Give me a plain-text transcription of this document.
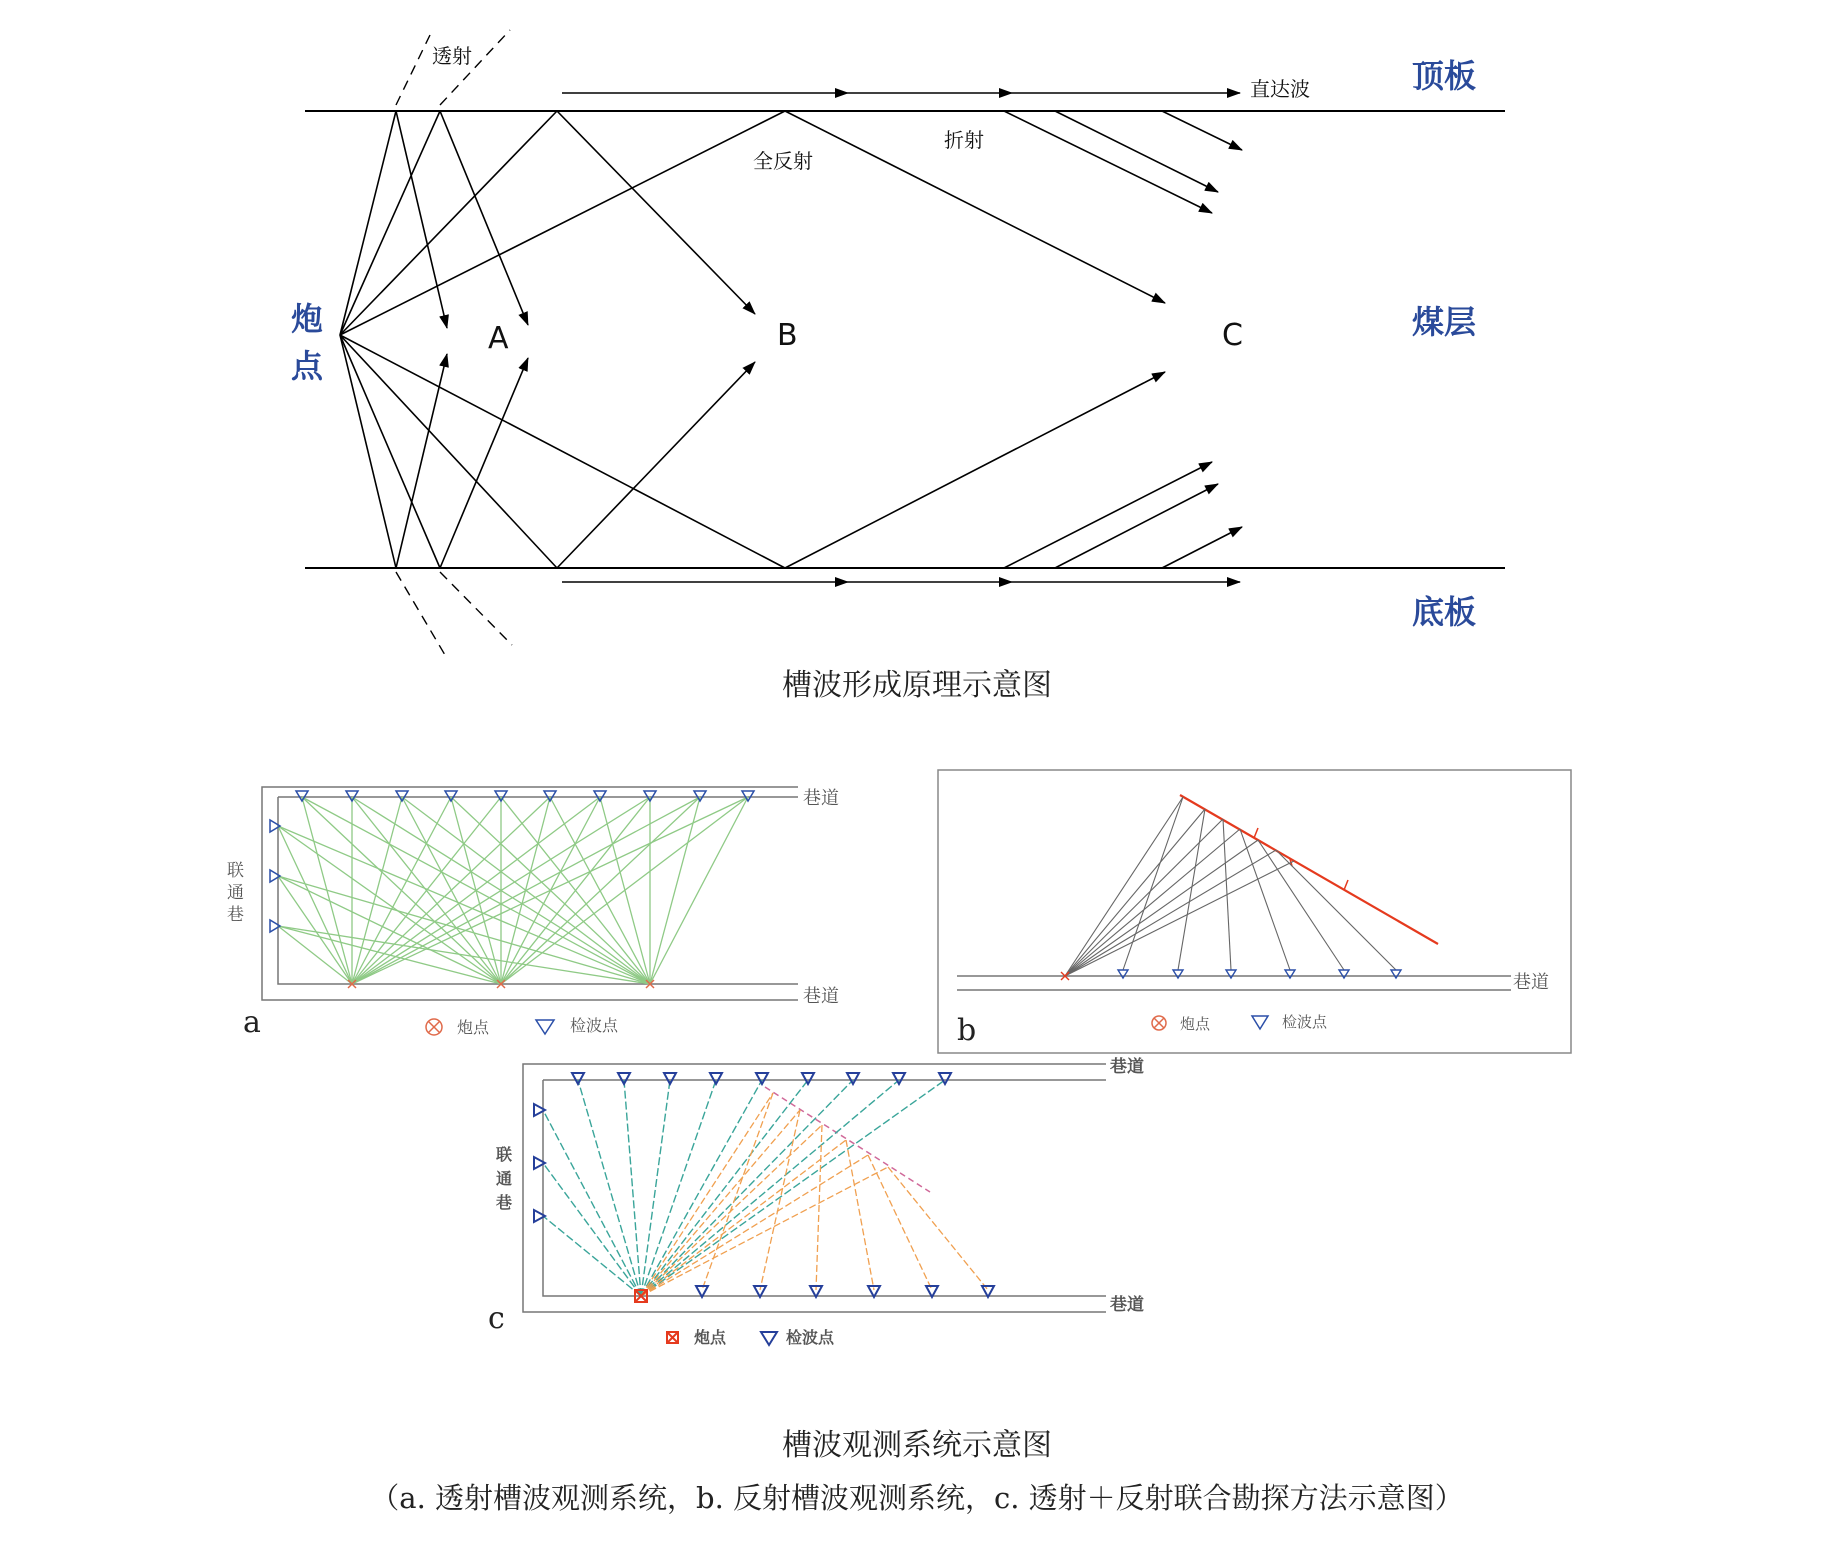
顶板
煤层
底板
炮
点
透射
直达波
折射
全反射
A	B	C
槽波形成原理示意图
巷道
巷道
联通巷
a	炮点	检波点
巷道
b	炮点	检波点
巷道
巷道
联通巷
c
炮点	检波点
槽波观测系统示意图
（a. 透射槽波观测系统，b. 反射槽波观测系统，c. 透射＋反射联合勘探方法示意图）
